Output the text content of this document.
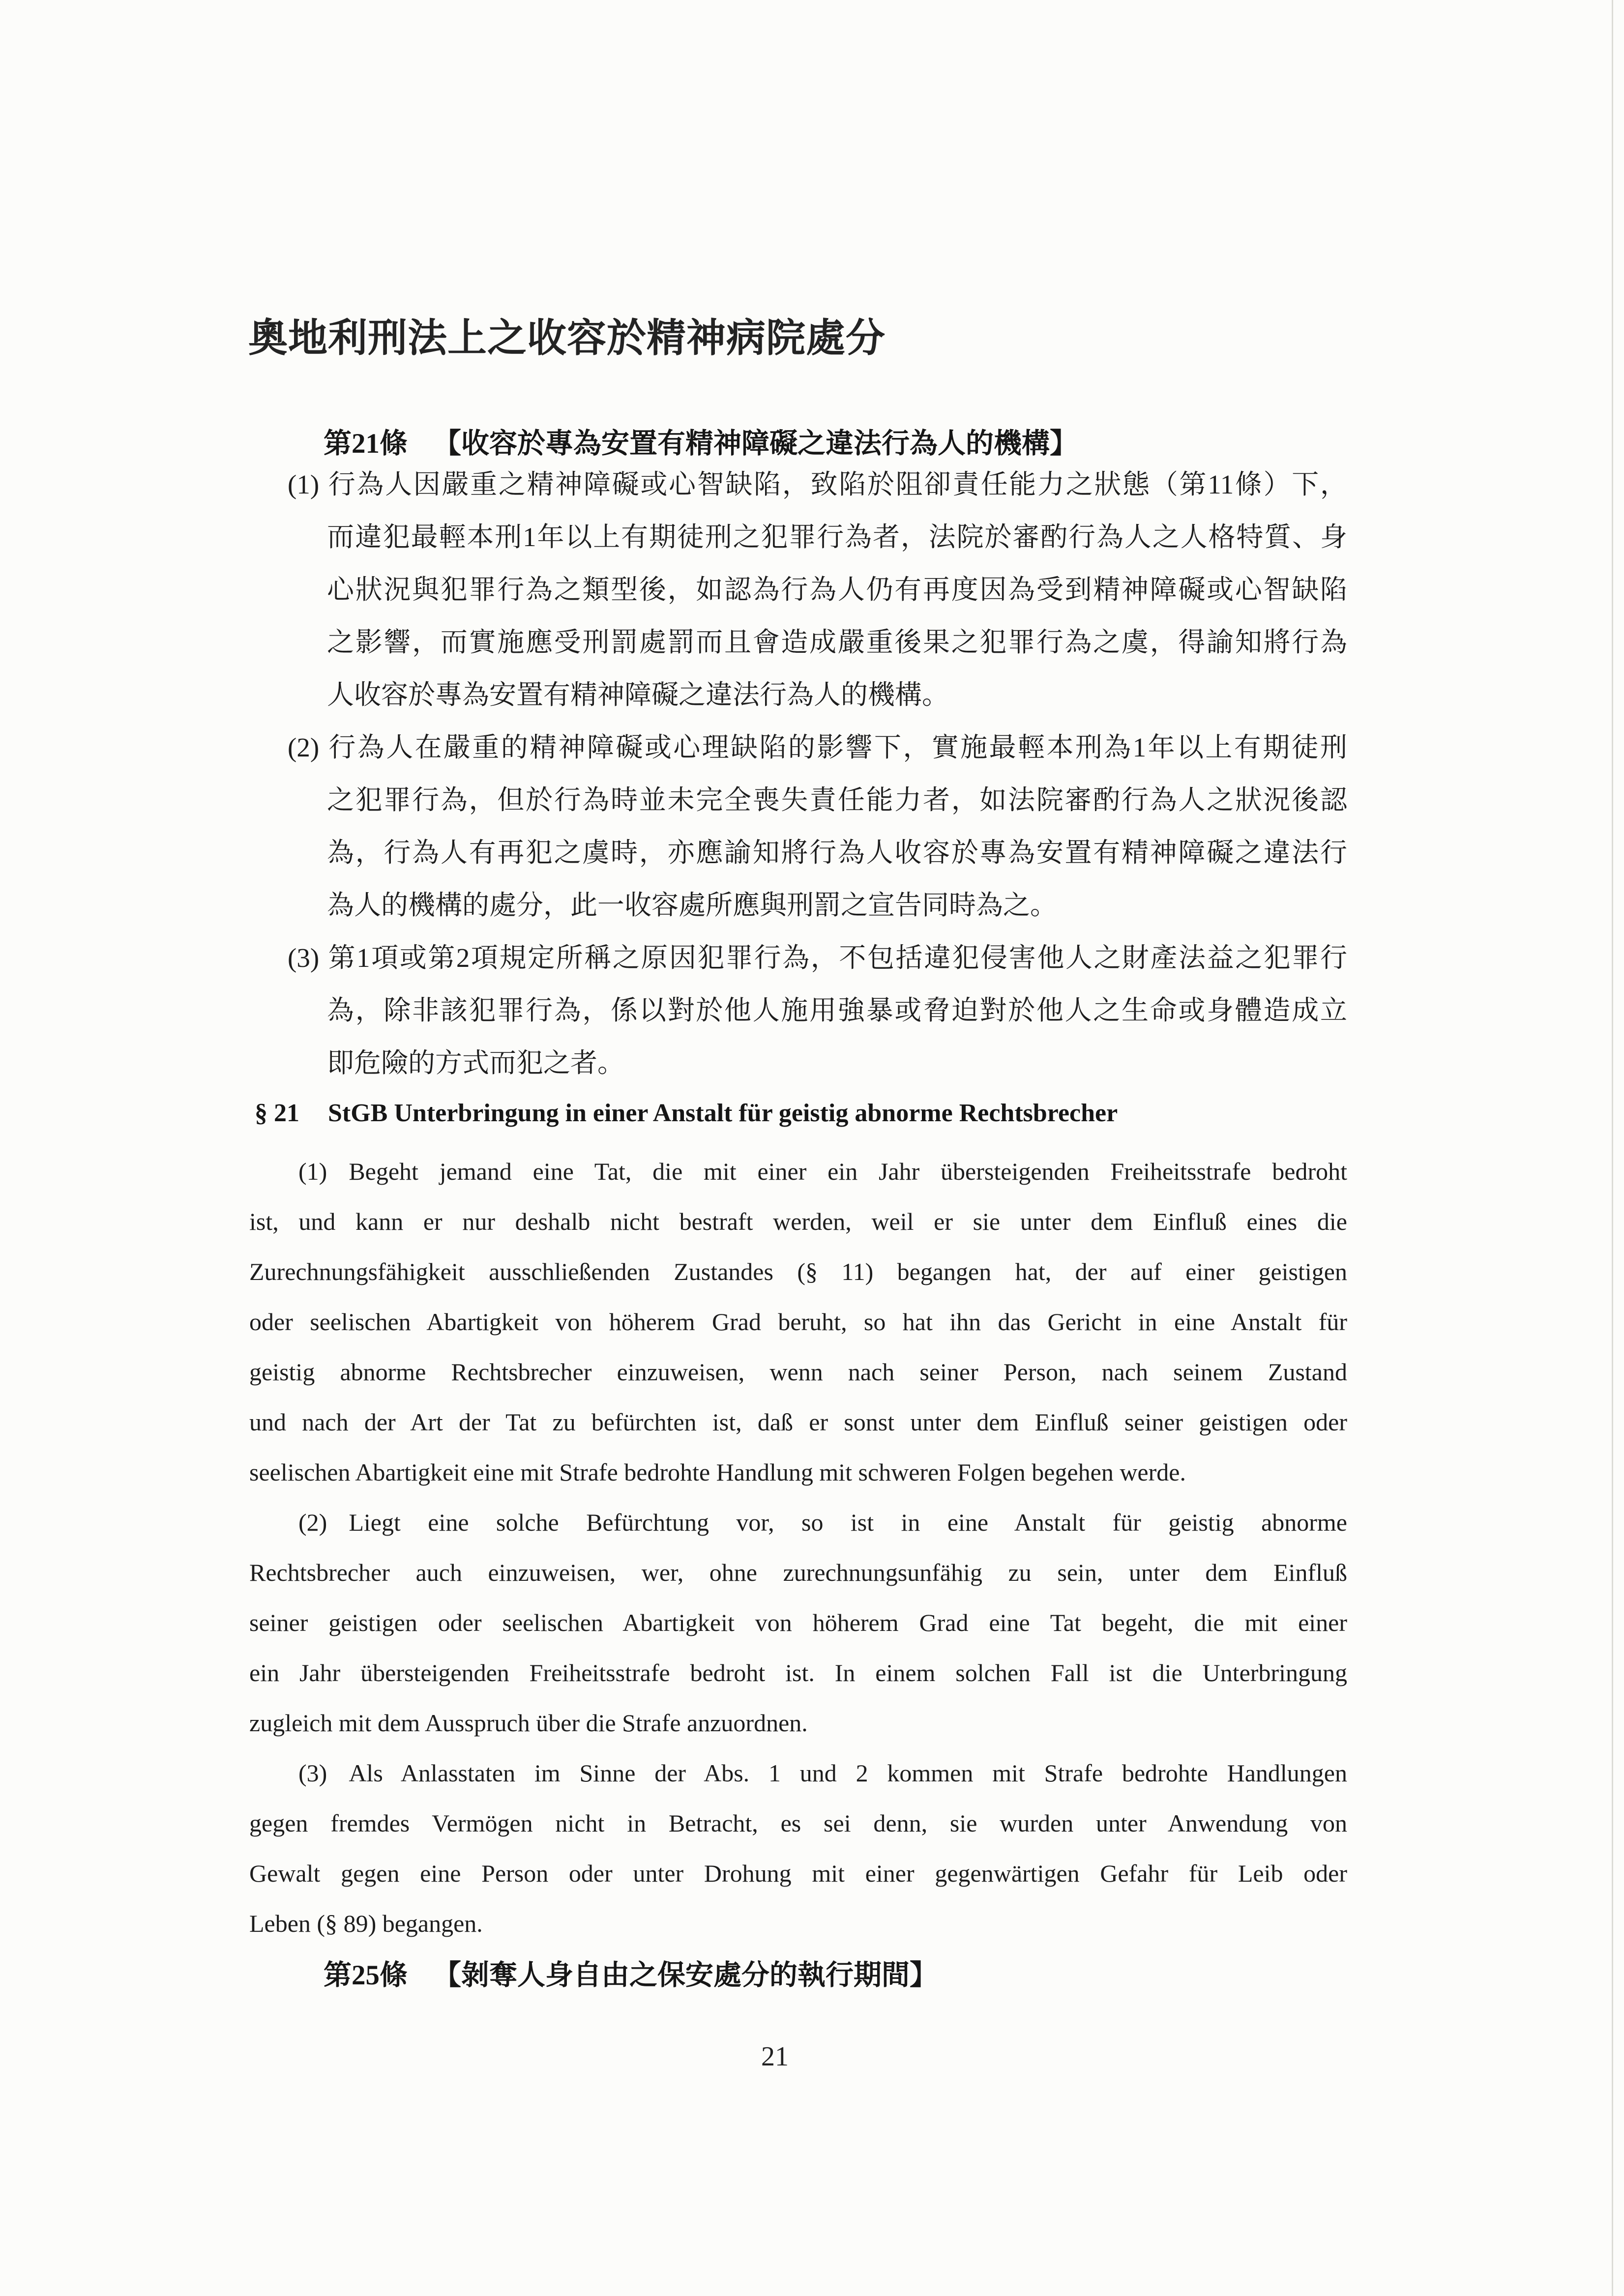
奧地利刑法上之收容於精神病院處分
第21條 【收容於專為安置有精神障礙之違法行為人的機構】
(1) 行為人因嚴重之精神障礙或心智缺陷，致陷於阻卻責任能力之狀態（第11條）下，
而違犯最輕本刑1年以上有期徒刑之犯罪行為者，法院於審酌行為人之人格特質、身
心狀況與犯罪行為之類型後，如認為行為人仍有再度因為受到精神障礙或心智缺陷
之影響，而實施應受刑罰處罰而且會造成嚴重後果之犯罪行為之虞，得諭知將行為
人收容於專為安置有精神障礙之違法行為人的機構。
(2) 行為人在嚴重的精神障礙或心理缺陷的影響下，實施最輕本刑為1年以上有期徒刑
之犯罪行為，但於行為時並未完全喪失責任能力者，如法院審酌行為人之狀況後認
為，行為人有再犯之虞時，亦應諭知將行為人收容於專為安置有精神障礙之違法行
為人的機構的處分，此一收容處所應與刑罰之宣告同時為之。
(3) 第1項或第2項規定所稱之原因犯罪行為，不包括違犯侵害他人之財產法益之犯罪行
為，除非該犯罪行為，係以對於他人施用強暴或脅迫對於他人之生命或身體造成立
即危險的方式而犯之者。
§ 21 StGB Unterbringung in einer Anstalt für geistig abnorme Rechtsbrecher
(1) Begeht jemand eine Tat, die mit einer ein Jahr übersteigenden Freiheitsstrafe bedroht
ist, und kann er nur deshalb nicht bestraft werden, weil er sie unter dem Einfluß eines die
Zurechnungsfähigkeit ausschließenden Zustandes (§ 11) begangen hat, der auf einer geistigen
oder seelischen Abartigkeit von höherem Grad beruht, so hat ihn das Gericht in eine Anstalt für
geistig abnorme Rechtsbrecher einzuweisen, wenn nach seiner Person, nach seinem Zustand
und nach der Art der Tat zu befürchten ist, daß er sonst unter dem Einfluß seiner geistigen oder
seelischen Abartigkeit eine mit Strafe bedrohte Handlung mit schweren Folgen begehen werde.
(2) Liegt eine solche Befürchtung vor, so ist in eine Anstalt für geistig abnorme
Rechtsbrecher auch einzuweisen, wer, ohne zurechnungsunfähig zu sein, unter dem Einfluß
seiner geistigen oder seelischen Abartigkeit von höherem Grad eine Tat begeht, die mit einer
ein Jahr übersteigenden Freiheitsstrafe bedroht ist. In einem solchen Fall ist die Unterbringung
zugleich mit dem Ausspruch über die Strafe anzuordnen.
(3) Als Anlasstaten im Sinne der Abs. 1 und 2 kommen mit Strafe bedrohte Handlungen
gegen fremdes Vermögen nicht in Betracht, es sei denn, sie wurden unter Anwendung von
Gewalt gegen eine Person oder unter Drohung mit einer gegenwärtigen Gefahr für Leib oder
Leben (§ 89) begangen.
第25條 【剝奪人身自由之保安處分的執行期間】
21
